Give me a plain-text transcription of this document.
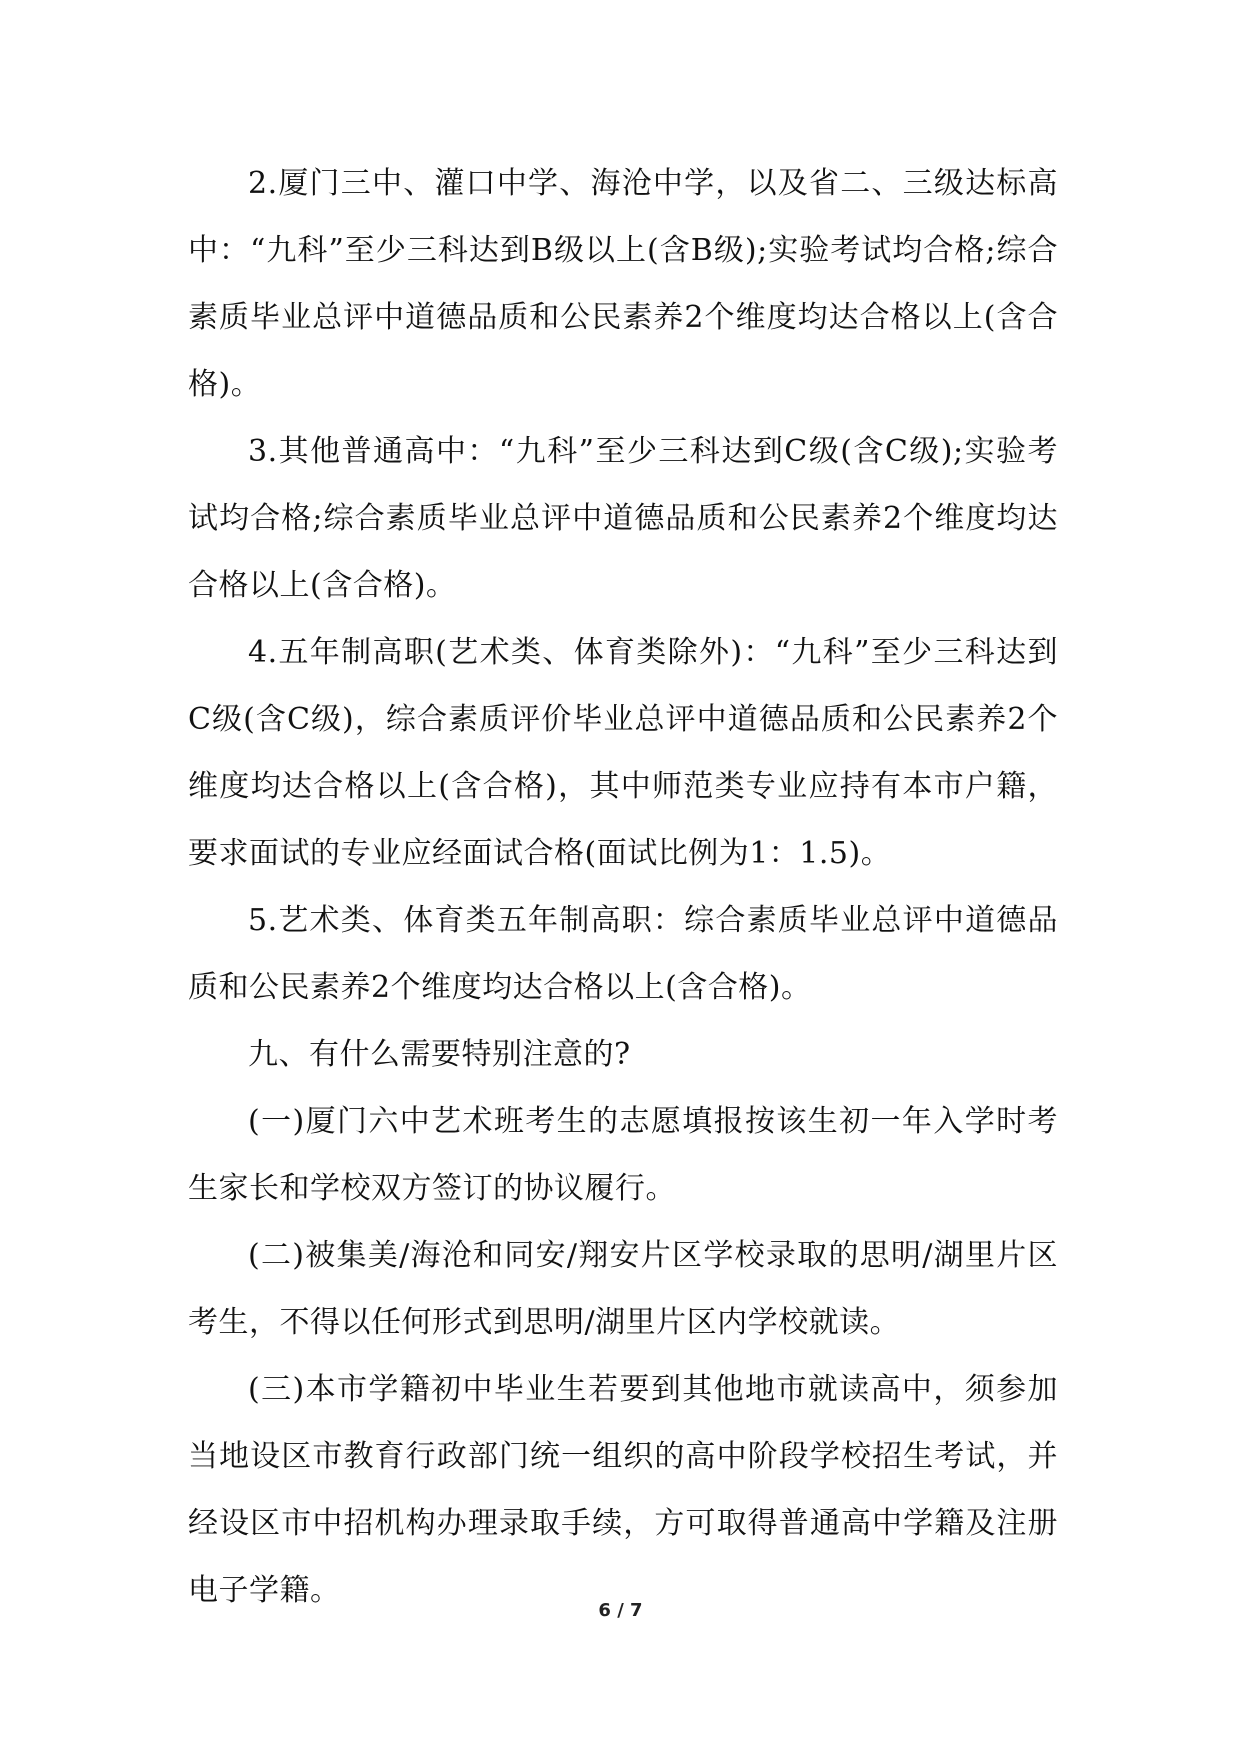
2.厦门三中、灌口中学、海沧中学，以及省二、三级达标高中：“九科”至少三科达到B级以上(含B级);实验考试均合格;综合素质毕业总评中道德品质和公民素养2个维度均达合格以上(含合格)。

3.其他普通高中：“九科”至少三科达到C级(含C级);实验考试均合格;综合素质毕业总评中道德品质和公民素养2个维度均达合格以上(含合格)。

4.五年制高职(艺术类、体育类除外)：“九科”至少三科达到C级(含C级)，综合素质评价毕业总评中道德品质和公民素养2个维度均达合格以上(含合格)，其中师范类专业应持有本市户籍，要求面试的专业应经面试合格(面试比例为1：1.5)。

5.艺术类、体育类五年制高职：综合素质毕业总评中道德品质和公民素养2个维度均达合格以上(含合格)。

九、有什么需要特别注意的?

(一)厦门六中艺术班考生的志愿填报按该生初一年入学时考生家长和学校双方签订的协议履行。

(二)被集美/海沧和同安/翔安片区学校录取的思明/湖里片区考生，不得以任何形式到思明/湖里片区内学校就读。

(三)本市学籍初中毕业生若要到其他地市就读高中，须参加当地设区市教育行政部门统一组织的高中阶段学校招生考试，并经设区市中招机构办理录取手续，方可取得普通高中学籍及注册电子学籍。

6 / 7
